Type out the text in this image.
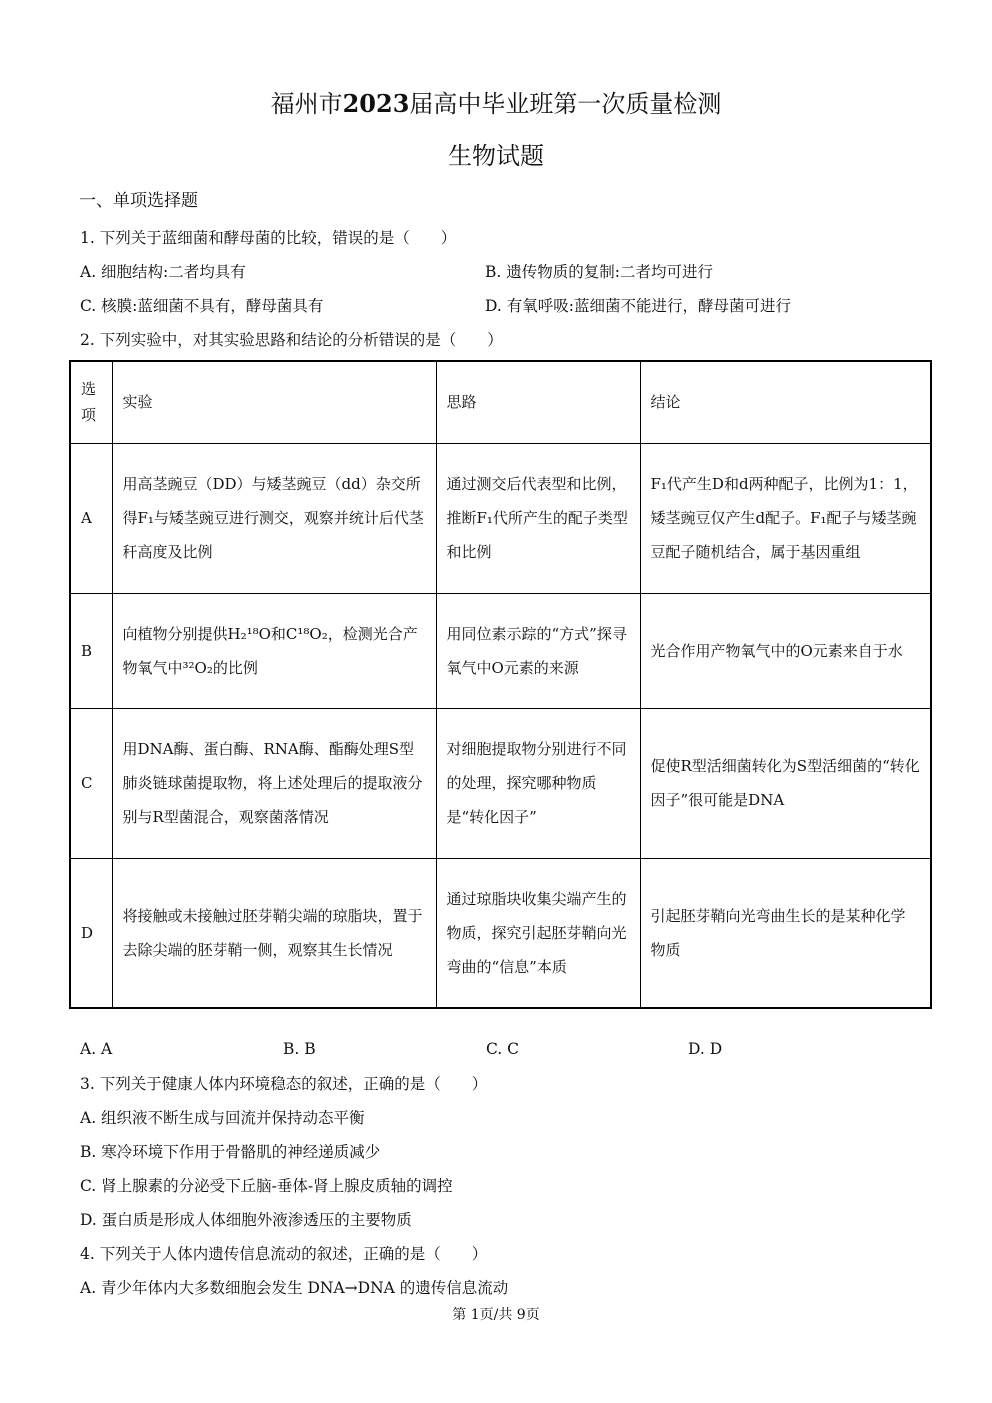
福州市2023届高中毕业班第一次质量检测
生物试题
一、单项选择题
1. 下列关于蓝细菌和酵母菌的比较，错误的是（　　）
A. 细胞结构:二者均具有	B. 遗传物质的复制:二者均可进行
C. 核膜:蓝细菌不具有，酵母菌具有	D. 有氧呼吸:蓝细菌不能进行，酵母菌可进行
2. 下列实验中，对其实验思路和结论的分析错误的是（　　）
选项	实验	思路	结论
A	用高茎豌豆（DD）与矮茎豌豆（dd）杂交所得F₁与矮茎豌豆进行测交，观察并统计后代茎秆高度及比例	通过测交后代表型和比例，推断F₁代所产生的配子类型和比例	F₁代产生D和d两种配子，比例为1：1，矮茎豌豆仅产生d配子。F₁配子与矮茎豌豆配子随机结合，属于基因重组
B	向植物分别提供H₂¹⁸O和C¹⁸O₂，检测光合产物氧气中³²O₂的比例	用同位素示踪的“方式”探寻氧气中O元素的来源	光合作用产物氧气中的O元素来自于水
C	用DNA酶、蛋白酶、RNA酶、酯酶处理S型肺炎链球菌提取物，将上述处理后的提取液分别与R型菌混合，观察菌落情况	对细胞提取物分别进行不同的处理，探究哪种物质是“转化因子”	促使R型活细菌转化为S型活细菌的“转化因子”很可能是DNA
D	将接触或未接触过胚芽鞘尖端的琼脂块，置于去除尖端的胚芽鞘一侧，观察其生长情况	通过琼脂块收集尖端产生的物质，探究引起胚芽鞘向光弯曲的“信息”本质	引起胚芽鞘向光弯曲生长的是某种化学物质
A. A	B. B	C. C	D. D
3. 下列关于健康人体内环境稳态的叙述，正确的是（　　）
A. 组织液不断生成与回流并保持动态平衡
B. 寒冷环境下作用于骨骼肌的神经递质减少
C. 肾上腺素的分泌受下丘脑-垂体-肾上腺皮质轴的调控
D. 蛋白质是形成人体细胞外液渗透压的主要物质
4. 下列关于人体内遗传信息流动的叙述，正确的是（　　）
A. 青少年体内大多数细胞会发生 DNA→DNA 的遗传信息流动
第 1页/共 9页
